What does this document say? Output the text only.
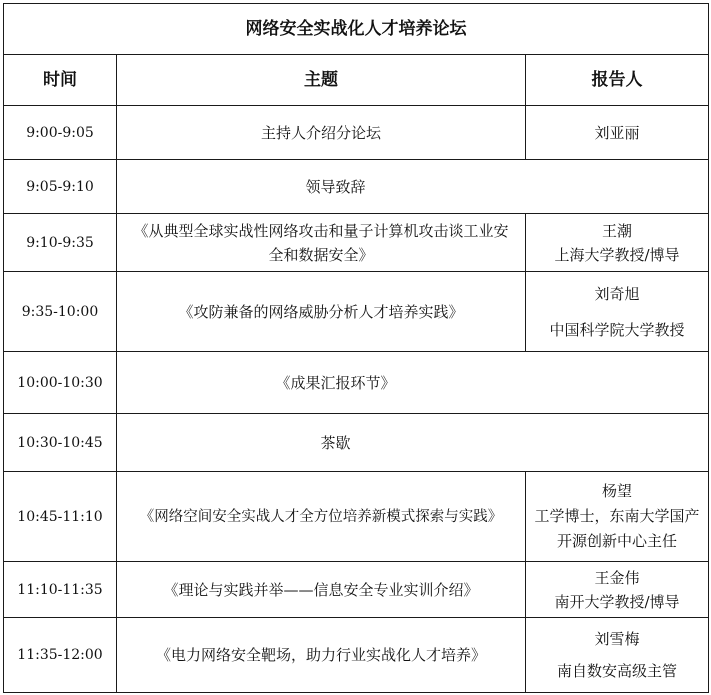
网络安全实战化人才培养论坛		
时间	主题	报告人
9:00-9:05	主持人介绍分论坛	刘亚丽

9:05-9:10	领导致辞	
9:10-9:35	《从典型全球实战性网络攻击和量子计算机攻击谈工业安全和数据安全》	王潮
上海大学教授/博导

9:35-10:00	《攻防兼备的网络威胁分析人才培养实践》	刘奇旭
中国科学院大学教授

10:00-10:30	《成果汇报环节》	
10:30-10:45	茶歇	
10:45-11:10	《网络空间安全实战人才全方位培养新模式探索与实践》	杨望
工学博士，东南大学国产开源创新中心主任

11:10-11:35	《理论与实践并举——信息安全专业实训介绍》	王金伟
南开大学教授/博导

11:35-12:00	《电力网络安全靶场，助力行业实战化人才培养》	刘雪梅
南自数安高级主管
